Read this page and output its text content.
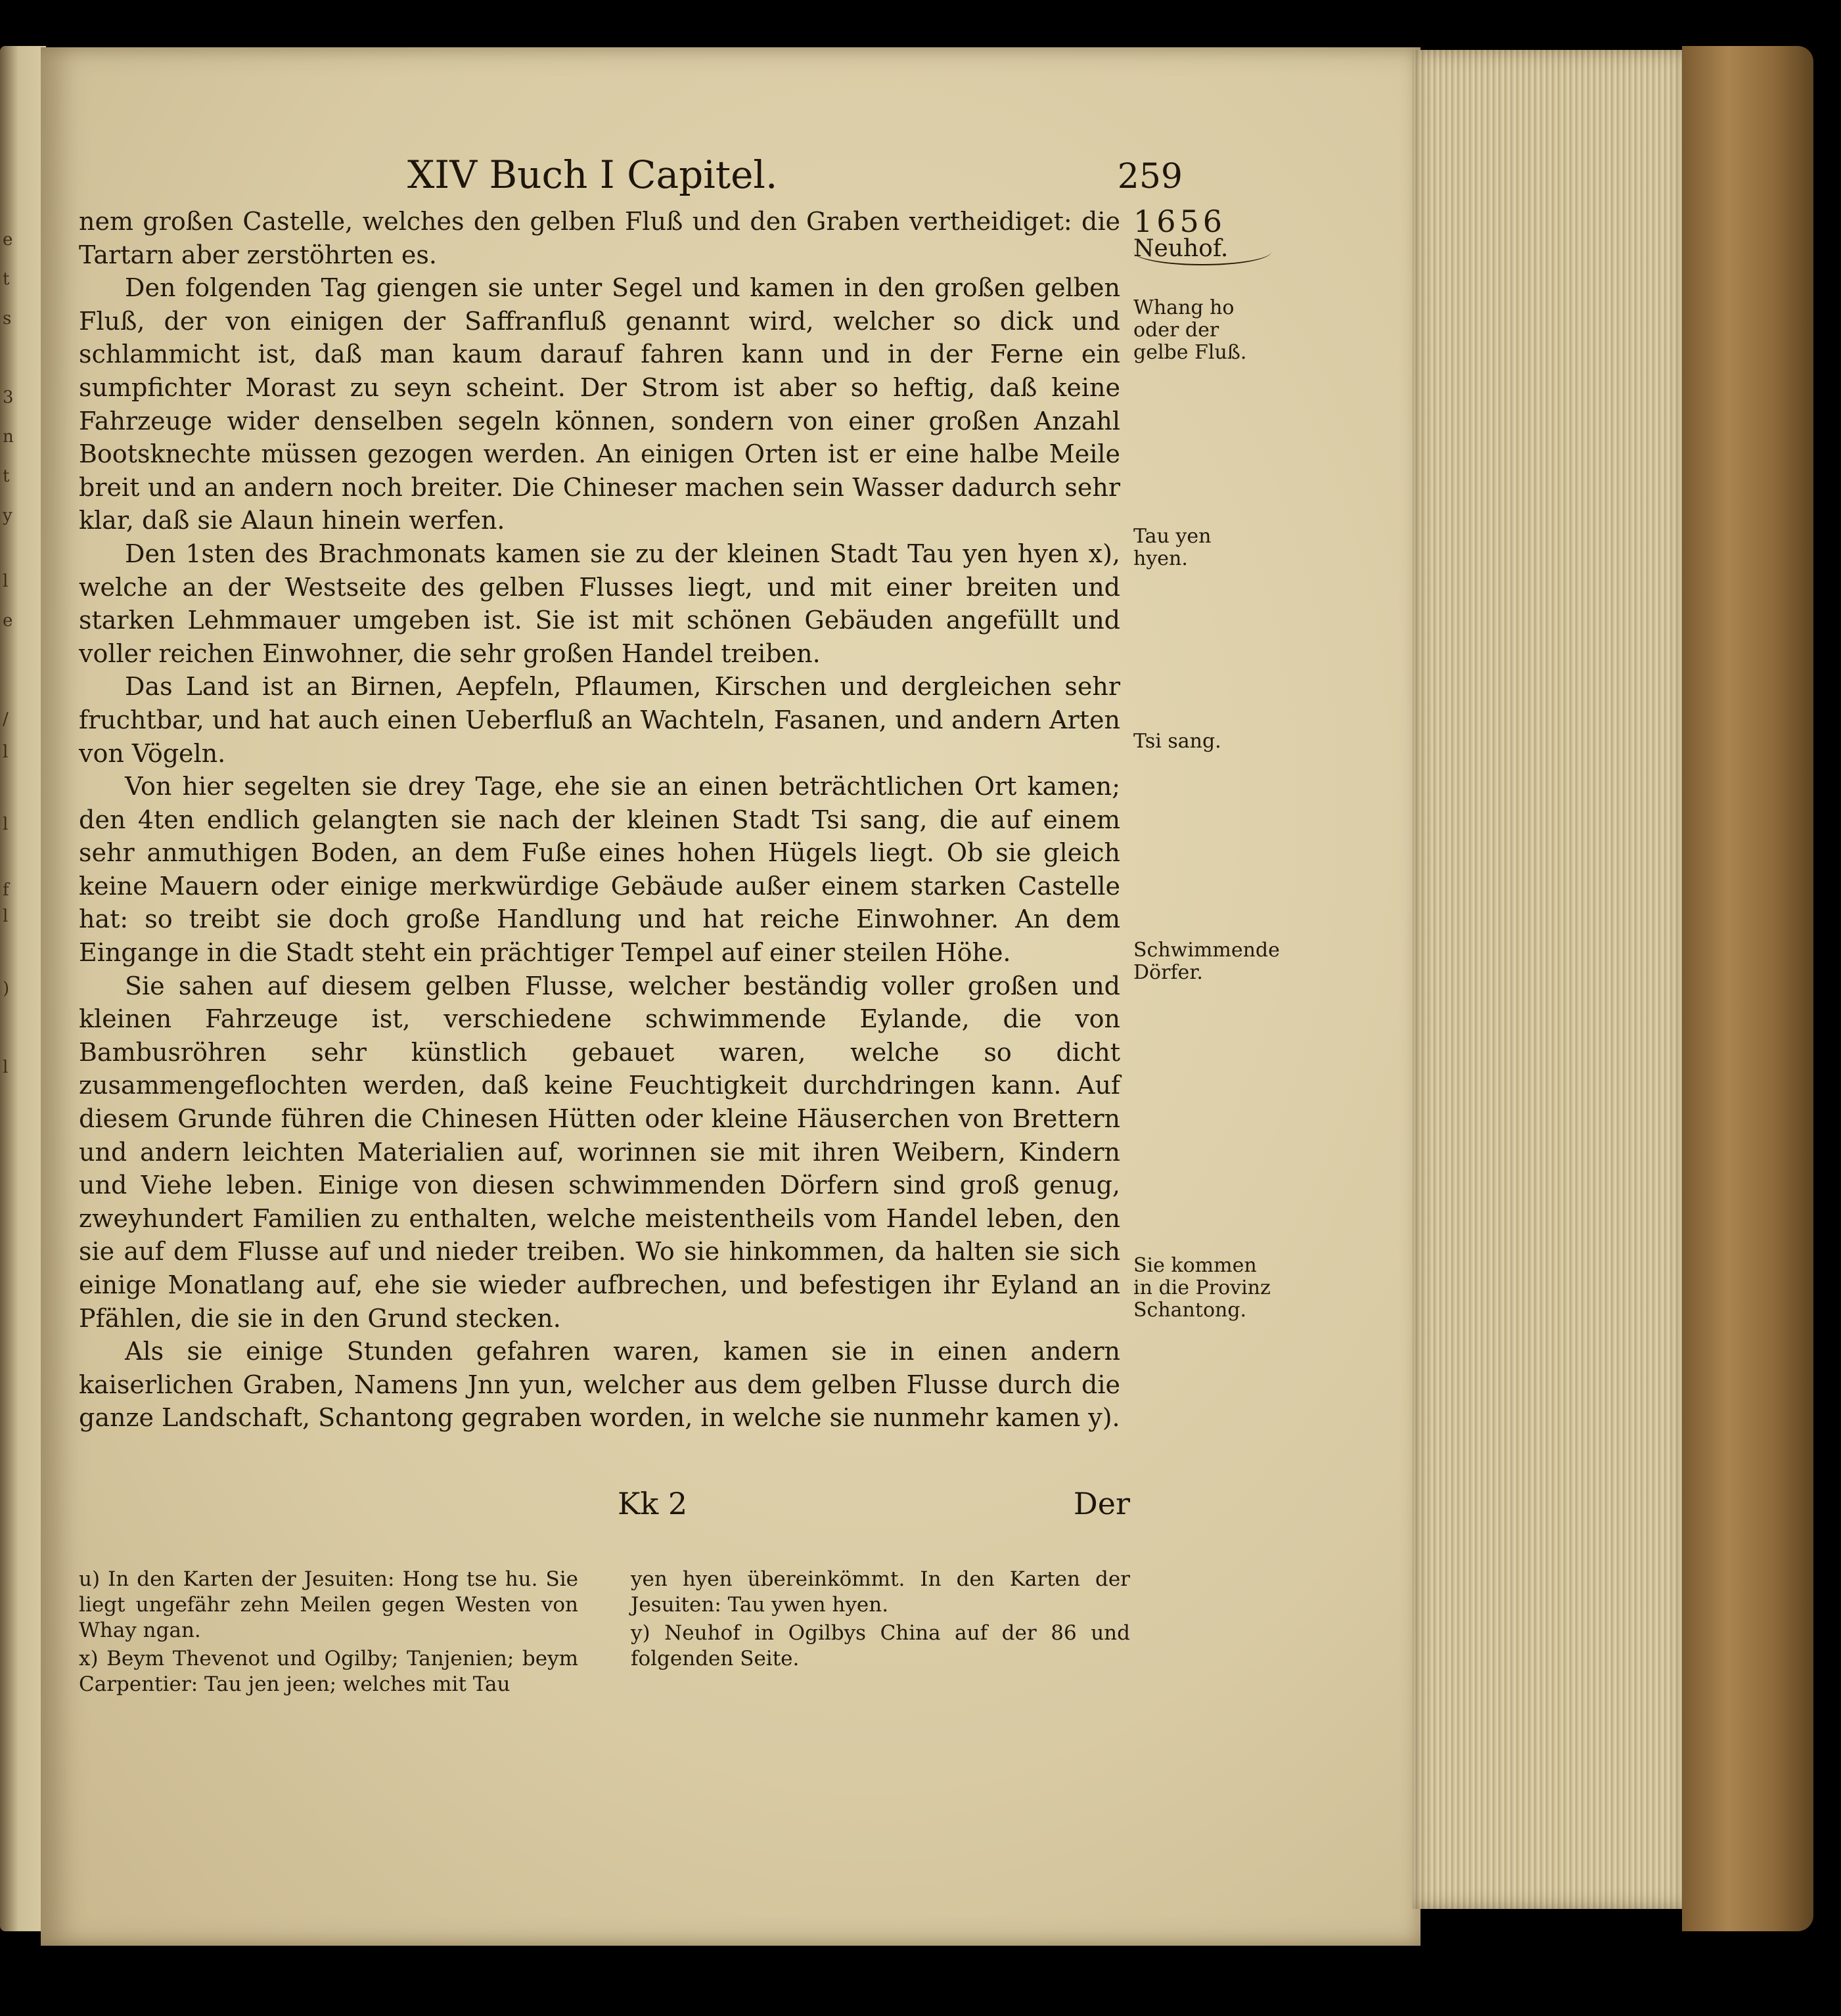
e
t
s
3
n
t
y
l
e
/
l
l
f
l
)
l
XIV Buch I Capitel.	259

nem großen Castelle, welches den gelben Fluß und den Graben vertheidiget: die Tartarn aber zerstöhrten es.

Den folgenden Tag giengen sie unter Segel und kamen in den großen gelben Fluß, der von einigen der Saffranfluß genannt wird, welcher so dick und schlammicht ist, daß man kaum darauf fahren kann und in der Ferne ein sumpfichter Morast zu seyn scheint. Der Strom ist aber so heftig, daß keine Fahrzeuge wider denselben segeln können, sondern von einer großen Anzahl Bootsknechte müssen gezogen werden. An einigen Orten ist er eine halbe Meile breit und an andern noch breiter. Die Chineser machen sein Wasser dadurch sehr klar, daß sie Alaun hinein werfen.

Den 1sten des Brachmonats kamen sie zu der kleinen Stadt Tau yen hyen x), welche an der Westseite des gelben Flusses liegt, und mit einer breiten und starken Lehmmauer umgeben ist. Sie ist mit schönen Gebäuden angefüllt und voller reichen Einwohner, die sehr großen Handel treiben.

Das Land ist an Birnen, Aepfeln, Pflaumen, Kirschen und dergleichen sehr fruchtbar, und hat auch einen Ueberfluß an Wachteln, Fasanen, und andern Arten von Vögeln.

Von hier segelten sie drey Tage, ehe sie an einen beträchtlichen Ort kamen; den 4ten endlich gelangten sie nach der kleinen Stadt Tsi sang, die auf einem sehr anmuthigen Boden, an dem Fuße eines hohen Hügels liegt. Ob sie gleich keine Mauern oder einige merkwürdige Gebäude außer einem starken Castelle hat: so treibt sie doch große Handlung und hat reiche Einwohner. An dem Eingange in die Stadt steht ein prächtiger Tempel auf einer steilen Höhe.

Sie sahen auf diesem gelben Flusse, welcher beständig voller großen und kleinen Fahrzeuge ist, verschiedene schwimmende Eylande, die von Bambusröhren sehr künstlich gebauet waren, welche so dicht zusammengeflochten werden, daß keine Feuchtigkeit durchdringen kann. Auf diesem Grunde führen die Chinesen Hütten oder kleine Häuserchen von Brettern und andern leichten Materialien auf, worinnen sie mit ihren Weibern, Kindern und Viehe leben. Einige von diesen schwimmenden Dörfern sind groß genug, zweyhundert Familien zu enthalten, welche meistentheils vom Handel leben, den sie auf dem Flusse auf und nieder treiben. Wo sie hinkommen, da halten sie sich einige Monatlang auf, ehe sie wieder aufbrechen, und befestigen ihr Eyland an Pfählen, die sie in den Grund stecken.

Als sie einige Stunden gefahren waren, kamen sie in einen andern kaiserlichen Graben, Namens Jnn yun, welcher aus dem gelben Flusse durch die ganze Landschaft, Schantong gegraben worden, in welche sie nunmehr kamen y).

1656
Neuhof.
Whang ho oder der gelbe Fluß.
Tau yen hyen.
Tsi sang.
Schwimmende Dörfer.
Sie kommen in die Provinz Schantong.
Kk 2	Der

u) In den Karten der Jesuiten: Hong tse hu. Sie liegt ungefähr zehn Meilen gegen Westen von Whay ngan.

x) Beym Thevenot und Ogilby; Tanjenien; beym Carpentier: Tau jen jeen; welches mit Tau

yen hyen übereinkömmt. In den Karten der Jesuiten: Tau ywen hyen.

y) Neuhof in Ogilbys China auf der 86 und folgenden Seite.
